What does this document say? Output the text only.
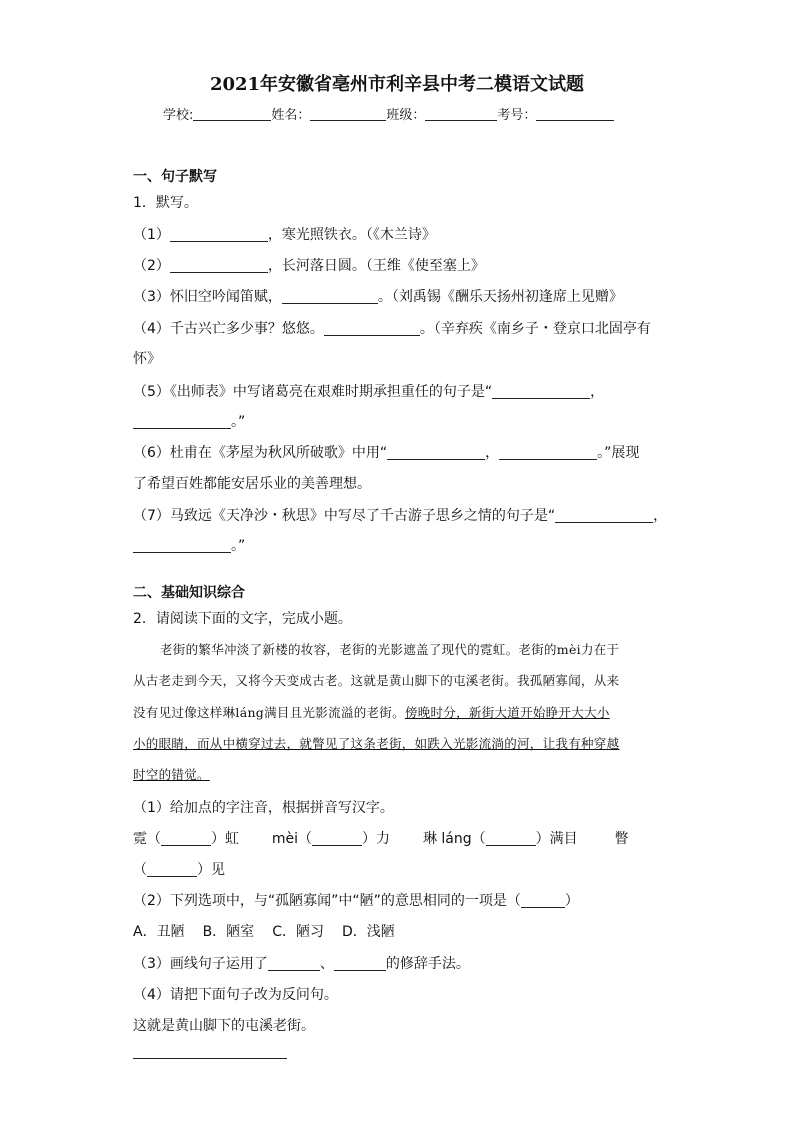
2021年安徽省亳州市利辛县中考二模语文试题
学校:	姓名：	班级：	考号：
一、句子默写
1．默写。
（1）	，寒光照铁衣。（《木兰诗》
（2）	，长河落日圆。（王维《使至塞上》
（3）怀旧空吟闻笛赋，	。（刘禹锡《酬乐天扬州初逢席上见赠》
（4）千古兴亡多少事？悠悠。	。（辛弃疾《南乡子・登京口北固亭有
怀》
（5）《出师表》中写诸葛亮在艰难时期承担重任的句子是“	，
。”
（6）杜甫在《茅屋为秋风所破歌》中用“	，	。”展现
了希望百姓都能安居乐业的美善理想。
（7）马致远《天净沙・秋思》中写尽了千古游子思乡之情的句子是“	，
。”
二、基础知识综合
2．请阅读下面的文字，完成小题。
老街的繁华冲淡了新楼的妆容，老街的光影遮盖了现代的霓虹。老街的mèi力在于
从古老走到今天，又将今天变成古老。这就是黄山脚下的屯溪老街。我孤陋寡闻，从来
没有见过像这样琳láng满目且光影流溢的老街。傍晚时分，新街大道开始睁开大大小
小的眼睛，而从中横穿过去，就瞥见了这条老街，如跌入光影流淌的河，让我有种穿越
时空的错觉。
（1）给加点的字注音，根据拼音写汉字。
霓（	）虹 mèi（	）力 琳 láng（	）满目	瞥
（	）见
（2）下列选项中，与“孤陋寡闻”中“陋”的意思相同的一项是（	）
A．丑陋 B．陋室 C．陋习 D．浅陋
（3）画线句子运用了	、	的修辞手法。
（4）请把下面句子改为反问句。
这就是黄山脚下的屯溪老街。
